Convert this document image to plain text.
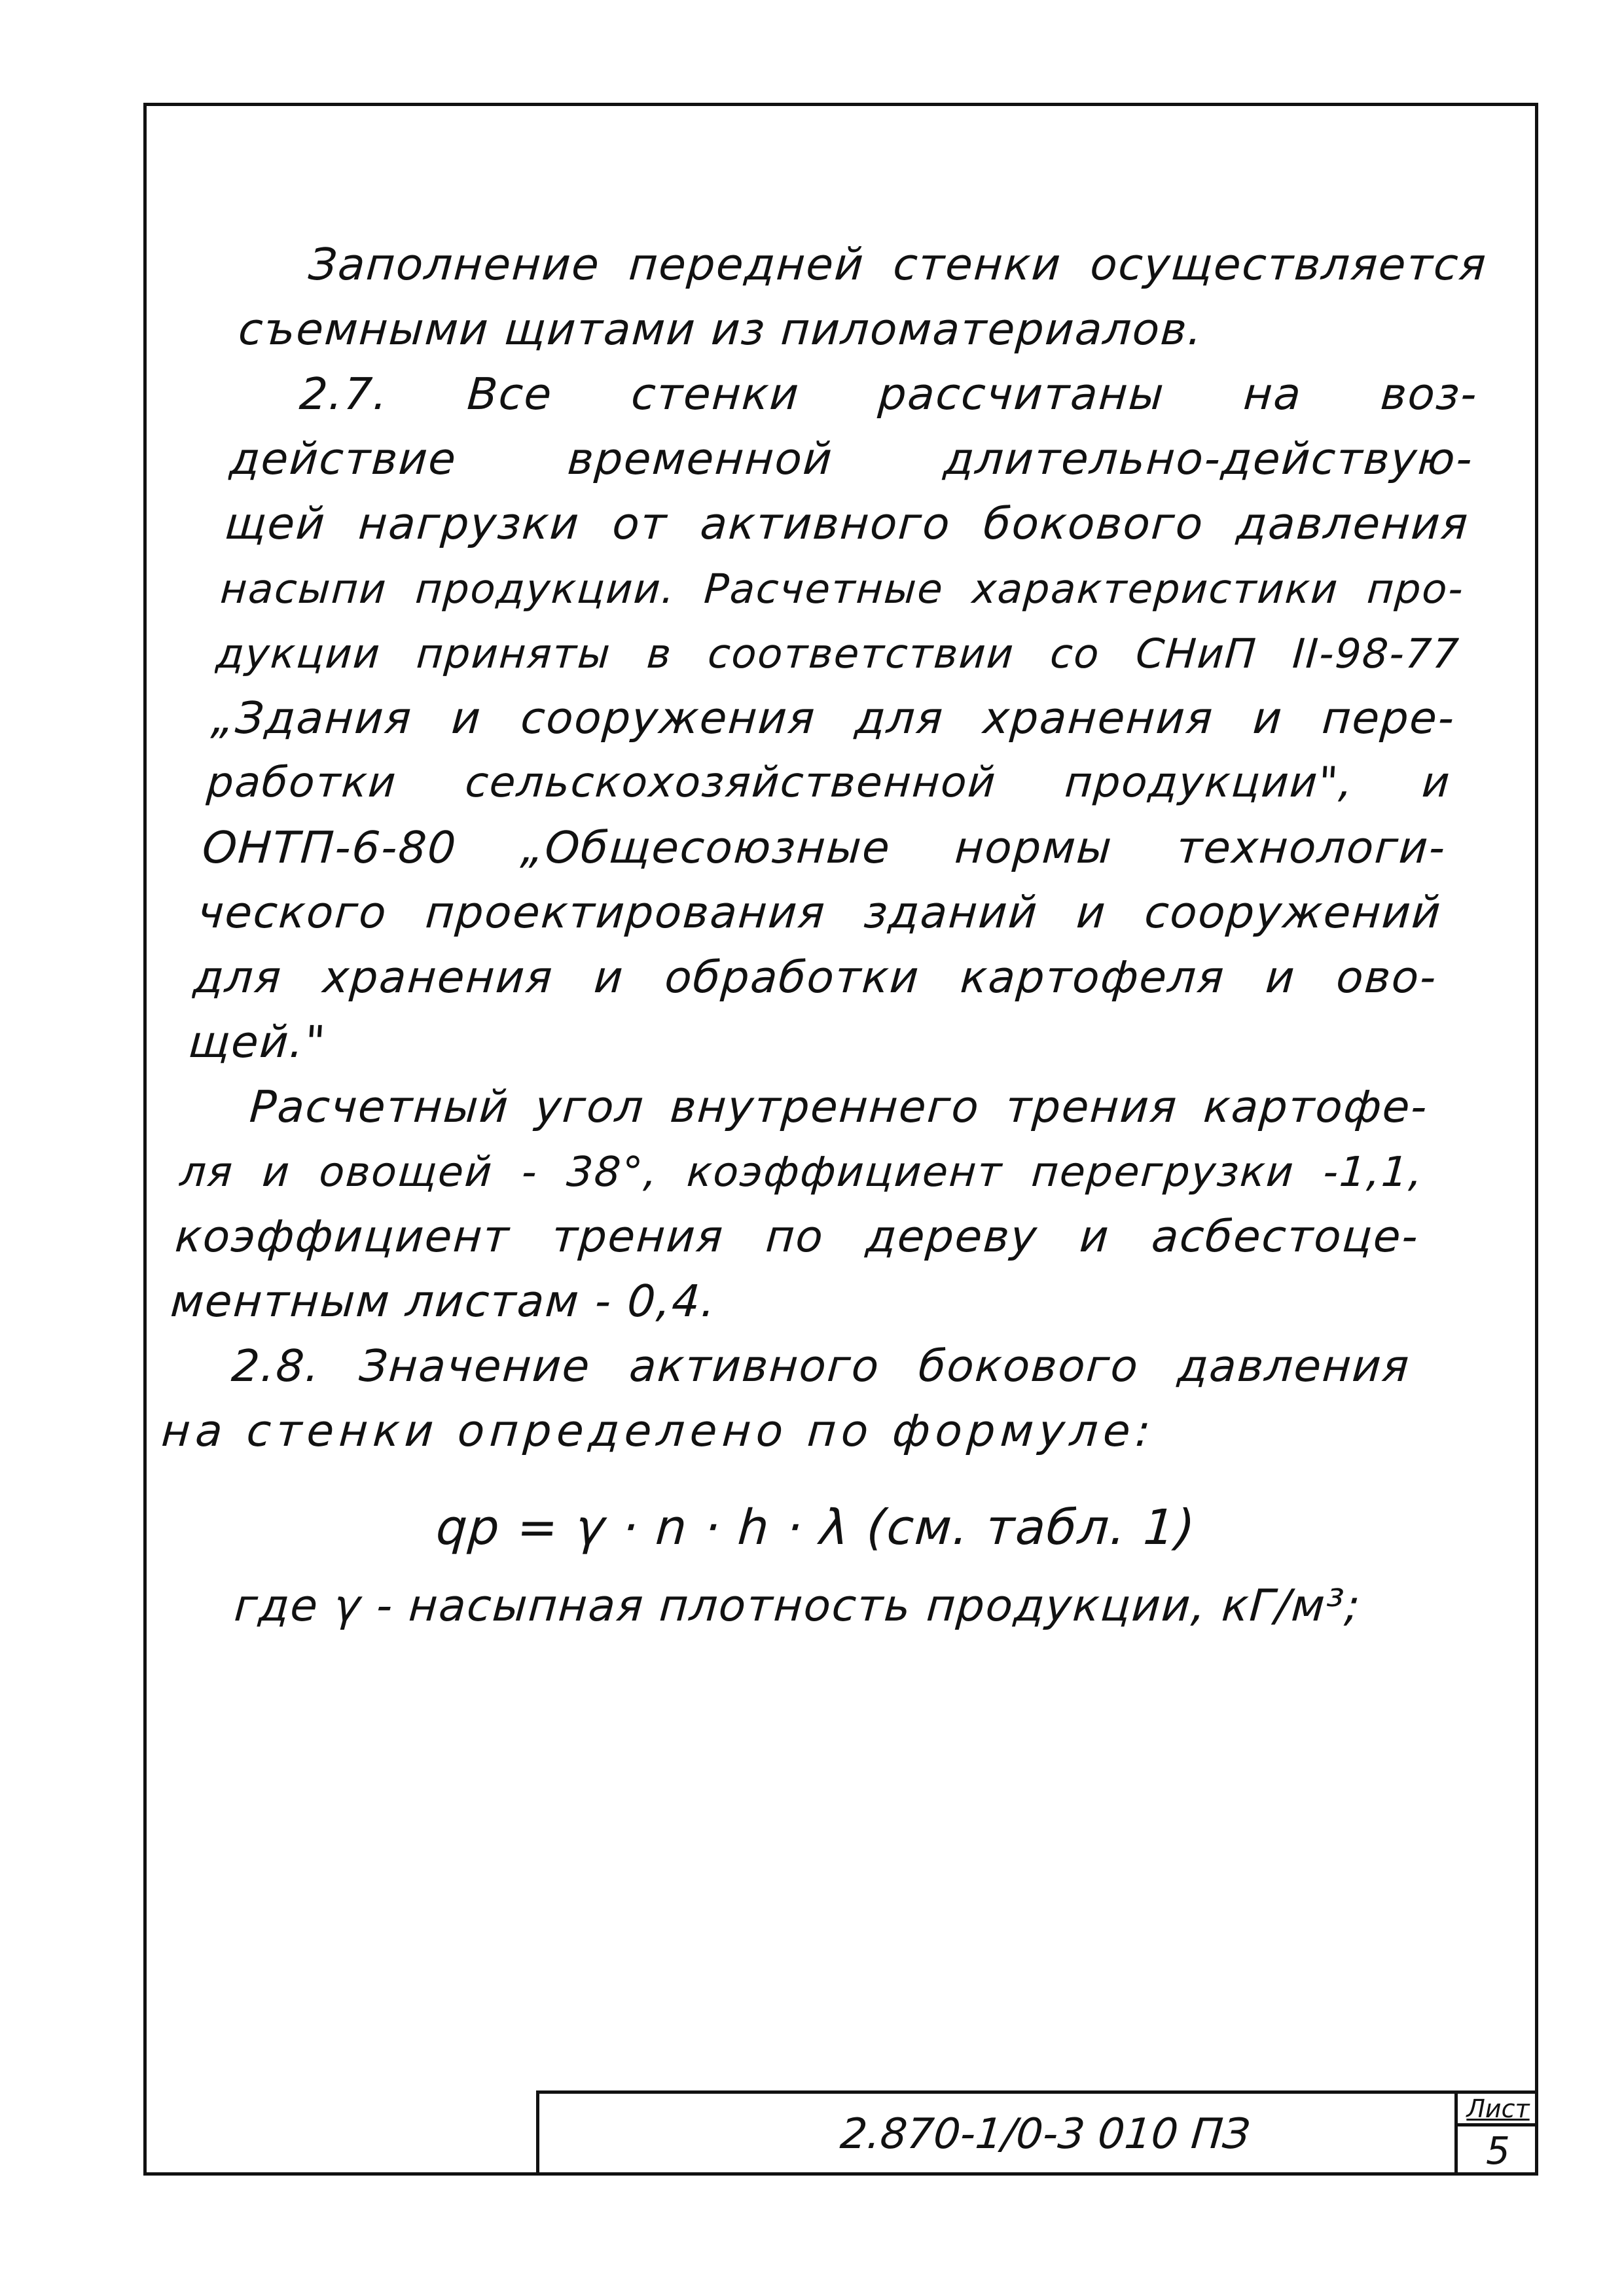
Заполнение передней стенки осуществляется
съемными щитами из пиломатериалов.
2.7. Все стенки рассчитаны на воз-
действие временной длительно-действую-
щей нагрузки от активного бокового давления
насыпи продукции. Расчетные характеристики про-
дукции приняты в соответствии со СНиП II-98-77
„Здания и сооружения для хранения и пере-
работки сельскохозяйственной продукции", и
ОНТП-6-80 „Общесоюзные нормы технологи-
ческого проектирования зданий и сооружений
для хранения и обработки картофеля и ово-
щей."
Расчетный угол внутреннего трения картофе-
ля и овощей - 38°, коэффициент перегрузки -1,1,
коэффициент трения по дереву и асбестоце-
ментным листам - 0,4.
2.8. Значение активного бокового давления
на стенки определено по формуле:
qp = γ · n · h · λ (см. табл. 1)
где γ - насыпная плотность продукции, кГ/м³;
2.870-1/0-3 010 ПЗ
Лист
5
